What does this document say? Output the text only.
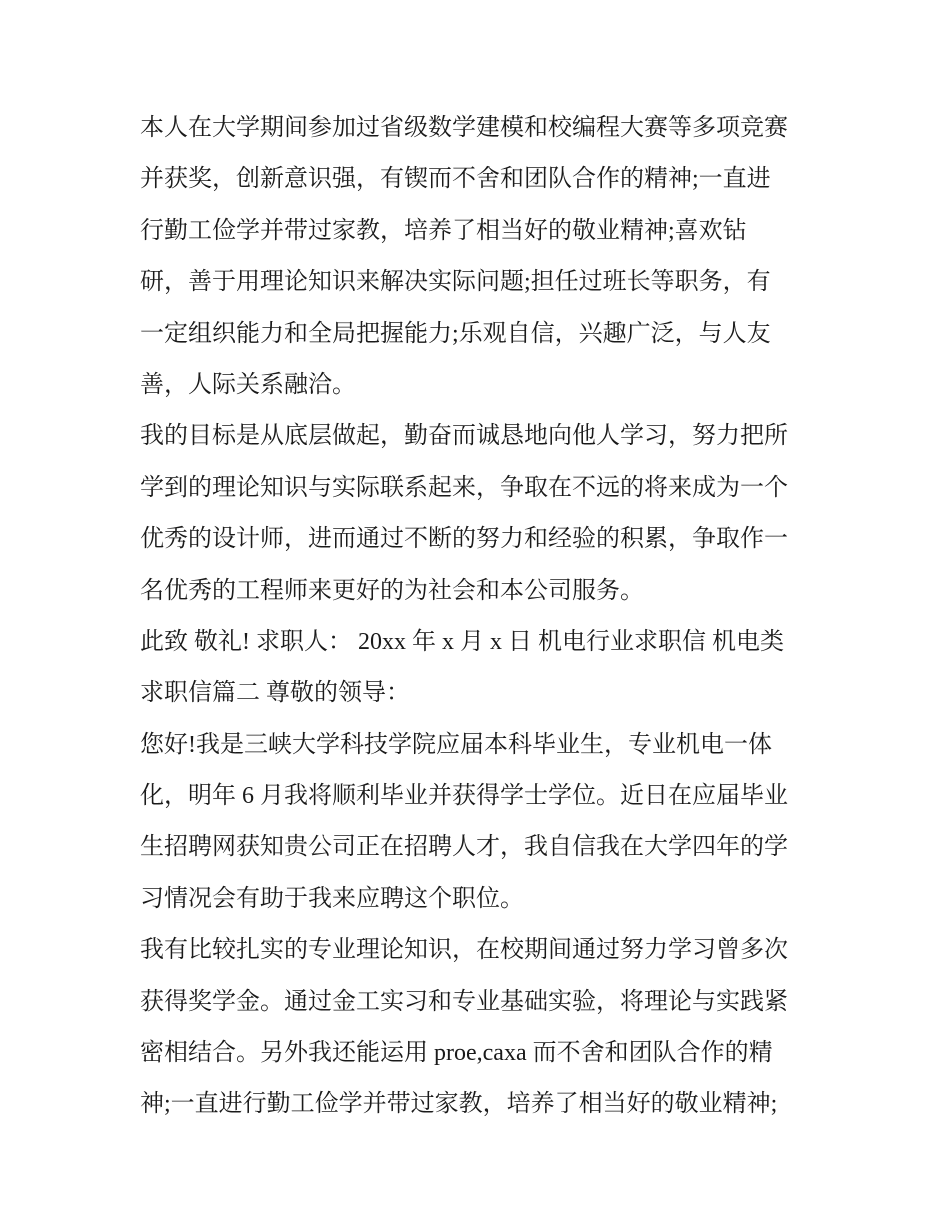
本人在大学期间参加过省级数学建模和校编程大赛等多项竞赛
并获奖，创新意识强，有锲而不舍和团队合作的精神;一直进
行勤工俭学并带过家教，培养了相当好的敬业精神;喜欢钻
研，善于用理论知识来解决实际问题;担任过班长等职务，有
一定组织能力和全局把握能力;乐观自信，兴趣广泛，与人友
善，人际关系融洽。
我的目标是从底层做起，勤奋而诚恳地向他人学习，努力把所
学到的理论知识与实际联系起来，争取在不远的将来成为一个
优秀的设计师，进而通过不断的努力和经验的积累，争取作一
名优秀的工程师来更好的为社会和本公司服务。
此致 敬礼! 求职人： 20xx 年 x 月 x 日 机电行业求职信 机电类
求职信篇二 尊敬的领导：
您好!我是三峡大学科技学院应届本科毕业生，专业机电一体
化，明年 6 月我将顺利毕业并获得学士学位。近日在应届毕业
生招聘网获知贵公司正在招聘人才，我自信我在大学四年的学
习情况会有助于我来应聘这个职位。
我有比较扎实的专业理论知识，在校期间通过努力学习曾多次
获得奖学金。通过金工实习和专业基础实验，将理论与实践紧
密相结合。另外我还能运用 proe,caxa 而不舍和团队合作的精
神;一直进行勤工俭学并带过家教，培养了相当好的敬业精神;
